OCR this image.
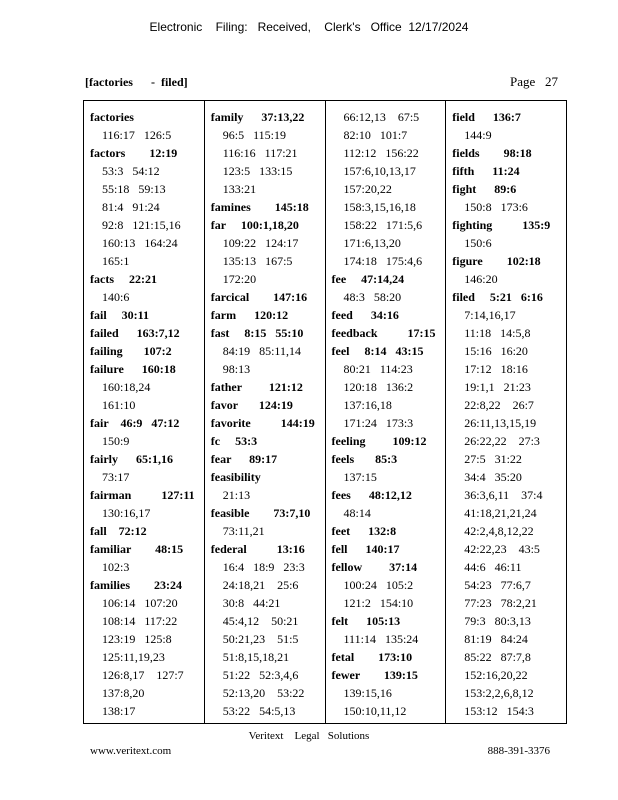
Electronic    Filing:   Received,    Clerk's   Office  12/17/2024
[factories      -  filed]	Page   27
factories
116:17   126:5
factors        12:19
53:3   54:12
55:18   59:13
81:4   91:24
92:8   121:15,16
160:13   164:24
165:1
facts     22:21
140:6
fail     30:11
failed      163:7,12
failing       107:2
failure      160:18
160:18,24
161:10
fair    46:9   47:12
150:9
fairly      65:1,16
73:17
fairman          127:11
130:16,17
fall    72:12
familiar        48:15
102:3
families        23:24
106:14   107:20
108:14   117:22
123:19   125:8
125:11,19,23
126:8,17    127:7
137:8,20
138:17
family      37:13,22
96:5   115:19
116:16   117:21
123:5   133:15
133:21
famines        145:18
far     100:1,18,20
109:22   124:17
135:13   167:5
172:20
farcical        147:16
farm      120:12
fast     8:15   55:10
84:19   85:11,14
98:13
father         121:12
favor       124:19
favorite          144:19
fc     53:3
fear      89:17
feasibility
21:13
feasible        73:7,10
73:11,21
federal          13:16
16:4   18:9   23:3
24:18,21    25:6
30:8   44:21
45:4,12    50:21
50:21,23    51:5
51:8,15,18,21
51:22   52:3,4,6
52:13,20    53:22
53:22   54:5,13
66:12,13    67:5
82:10   101:7
112:12   156:22
157:6,10,13,17
157:20,22
158:3,15,16,18
158:22   171:5,6
171:6,13,20
174:18   175:4,6
fee     47:14,24
48:3   58:20
feed      34:16
feedback          17:15
feel     8:14   43:15
80:21   114:23
120:18   136:2
137:16,18
171:24   173:3
feeling         109:12
feels       85:3
137:15
fees      48:12,12
48:14
feet      132:8
fell      140:17
fellow         37:14
100:24   105:2
121:2   154:10
felt      105:13
111:14   135:24
fetal        173:10
fewer        139:15
139:15,16
150:10,11,12
field      136:7
144:9
fields        98:18
fifth      11:24
fight      89:6
150:8   173:6
fighting          135:9
150:6
figure        102:18
146:20
filed     5:21   6:16
7:14,16,17
11:18   14:5,8
15:16   16:20
17:12   18:16
19:1,1   21:23
22:8,22    26:7
26:11,13,15,19
26:22,22    27:3
27:5   31:22
34:4   35:20
36:3,6,11    37:4
41:18,21,21,24
42:2,4,8,12,22
42:22,23    43:5
44:6   46:11
54:23   77:6,7
77:23   78:2,21
79:3   80:3,13
81:19   84:24
85:22   87:7,8
152:16,20,22
153:2,2,6,8,12
153:12   154:3
Veritext    Legal   Solutions
www.veritext.com	888-391-3376
